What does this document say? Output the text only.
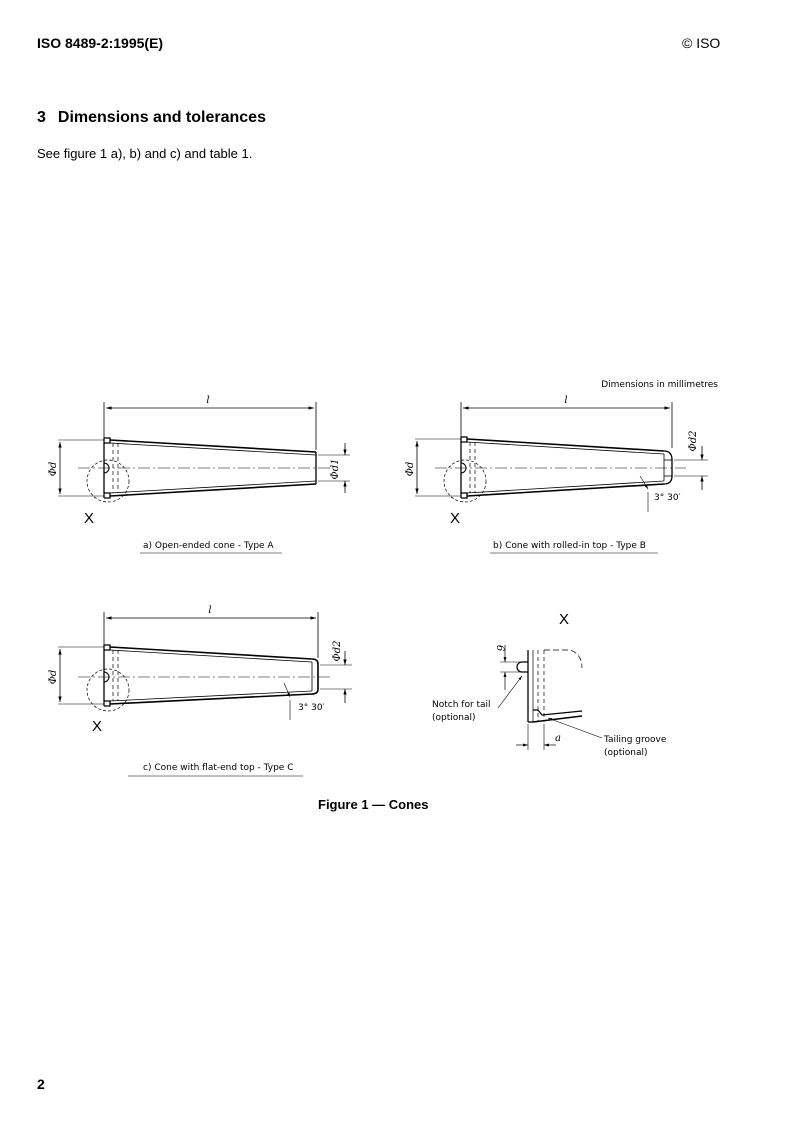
ISO 8489-2:1995(E)	© ISO
3 Dimensions and tolerances
See figure 1 a), b) and c) and table 1.
Dimensions in millimetres
l
Φd	Φd1
X
a) Open-ended cone - Type A
l
Φd
Φd2
3° 30′
X
b) Cone with rolled-in top - Type B
l
Φd
Φd2
3° 30′
X
c) Cone with flat-end top - Type C
X
6
Notch for tail
(optional)
a	Tailing groove
(optional)
Figure 1 — Cones
2
